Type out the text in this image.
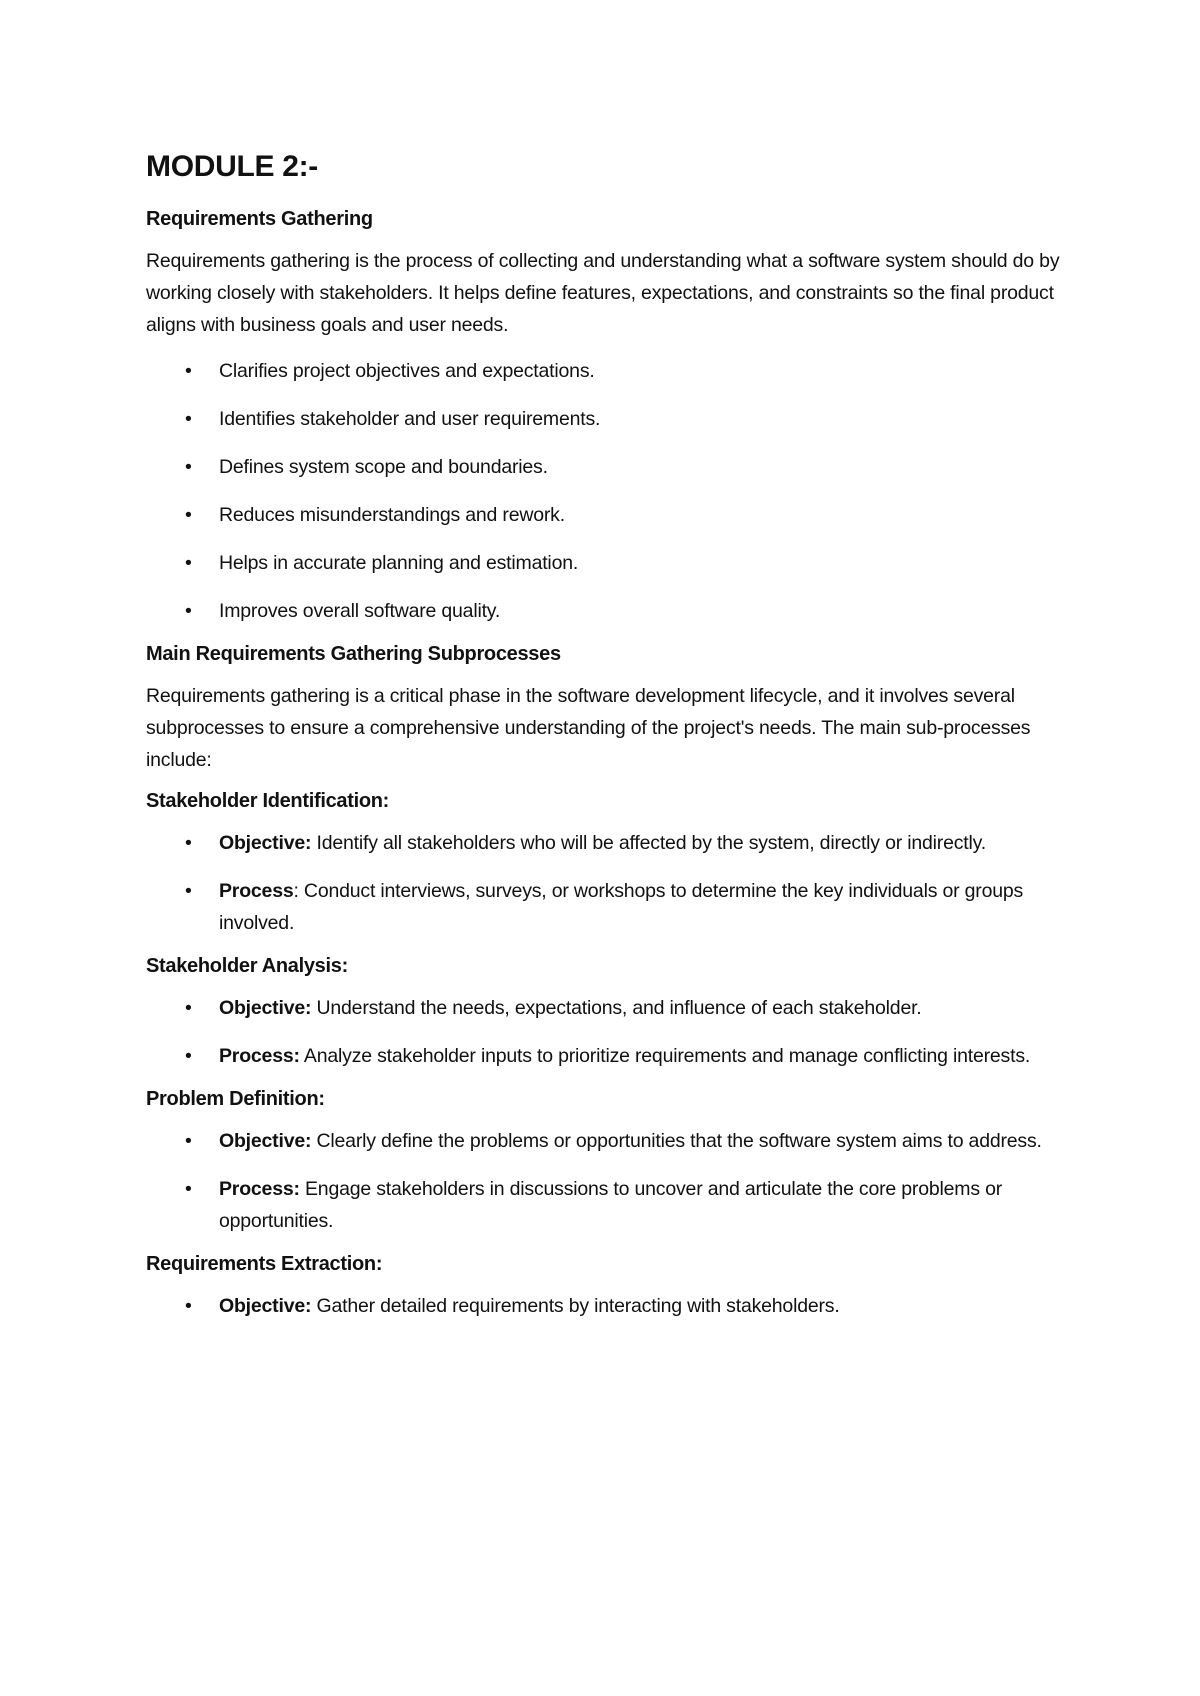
MODULE 2:-
Requirements Gathering

Requirements gathering is the process of collecting and understanding what a software system should do by working closely with stakeholders. It helps define features, expectations, and constraints so the final product aligns with business goals and user needs.

• Clarifies project objectives and expectations.
• Identifies stakeholder and user requirements.
• Defines system scope and boundaries.
• Reduces misunderstandings and rework.
• Helps in accurate planning and estimation.
• Improves overall software quality.
Main Requirements Gathering Subprocesses

Requirements gathering is a critical phase in the software development lifecycle, and it involves several subprocesses to ensure a comprehensive understanding of the project's needs. The main sub-processes include:

Stakeholder Identification:
• Objective: Identify all stakeholders who will be affected by the system, directly or indirectly.
• Process: Conduct interviews, surveys, or workshops to determine the key individuals or groups involved.
Stakeholder Analysis:
• Objective: Understand the needs, expectations, and influence of each stakeholder.
• Process: Analyze stakeholder inputs to prioritize requirements and manage conflicting interests.
Problem Definition:
• Objective: Clearly define the problems or opportunities that the software system aims to address.
• Process: Engage stakeholders in discussions to uncover and articulate the core problems or opportunities.
Requirements Extraction:
• Objective: Gather detailed requirements by interacting with stakeholders.
